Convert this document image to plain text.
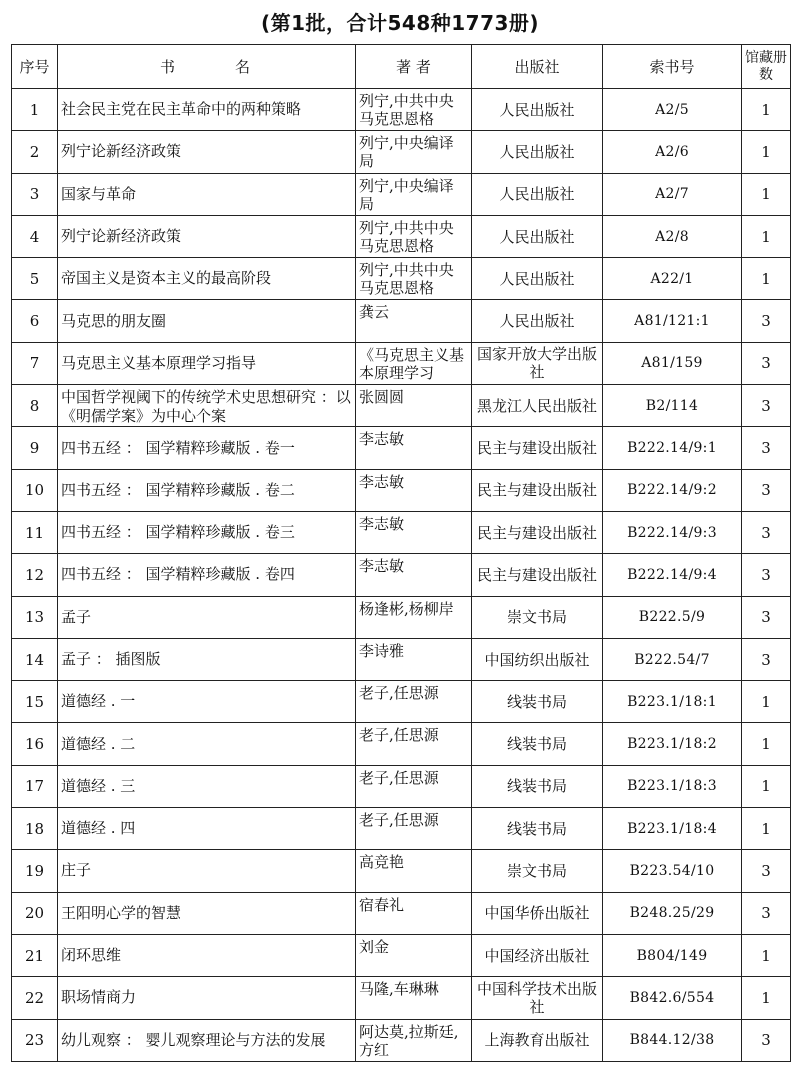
(第1批，合计548种1773册)
序号	书名	著 者	出版社	索书号	馆藏册数
1	社会民主党在民主革命中的两种策略	列宁,中共中央马克思恩格	人民出版社	A2/5	1
2	列宁论新经济政策	列宁,中央编译局	人民出版社	A2/6	1
3	国家与革命	列宁,中央编译局	人民出版社	A2/7	1
4	列宁论新经济政策	列宁,中共中央马克思恩格	人民出版社	A2/8	1
5	帝国主义是资本主义的最高阶段	列宁,中共中央马克思恩格	人民出版社	A22/1	1
6	马克思的朋友圈	龚云	人民出版社	A81/121:1	3
7	马克思主义基本原理学习指导	《马克思主义基本原理学习	国家开放大学出版社	A81/159	3
8	中国哲学视阈下的传统学术史思想研究 ：以《明儒学案》为中心个案	张圆圆	黑龙江人民出版社	B2/114	3
9	四书五经 ： 国学精粹珍藏版 . 卷一	李志敏	民主与建设出版社	B222.14/9:1	3
10	四书五经 ： 国学精粹珍藏版 . 卷二	李志敏	民主与建设出版社	B222.14/9:2	3
11	四书五经 ： 国学精粹珍藏版 . 卷三	李志敏	民主与建设出版社	B222.14/9:3	3
12	四书五经 ： 国学精粹珍藏版 . 卷四	李志敏	民主与建设出版社	B222.14/9:4	3
13	孟子	杨逢彬,杨柳岸	崇文书局	B222.5/9	3
14	孟子 ： 插图版	李诗雅	中国纺织出版社	B222.54/7	3
15	道德经 . 一	老子,任思源	线装书局	B223.1/18:1	1
16	道德经 . 二	老子,任思源	线装书局	B223.1/18:2	1
17	道德经 . 三	老子,任思源	线装书局	B223.1/18:3	1
18	道德经 . 四	老子,任思源	线装书局	B223.1/18:4	1
19	庄子	高竞艳	崇文书局	B223.54/10	3
20	王阳明心学的智慧	宿春礼	中国华侨出版社	B248.25/29	3
21	闭环思维	刘金	中国经济出版社	B804/149	1
22	职场情商力	马隆,车琳琳	中国科学技术出版社	B842.6/554	1
23	幼儿观察 ： 婴儿观察理论与方法的发展	阿达莫,拉斯廷,方红	上海教育出版社	B844.12/38	3
